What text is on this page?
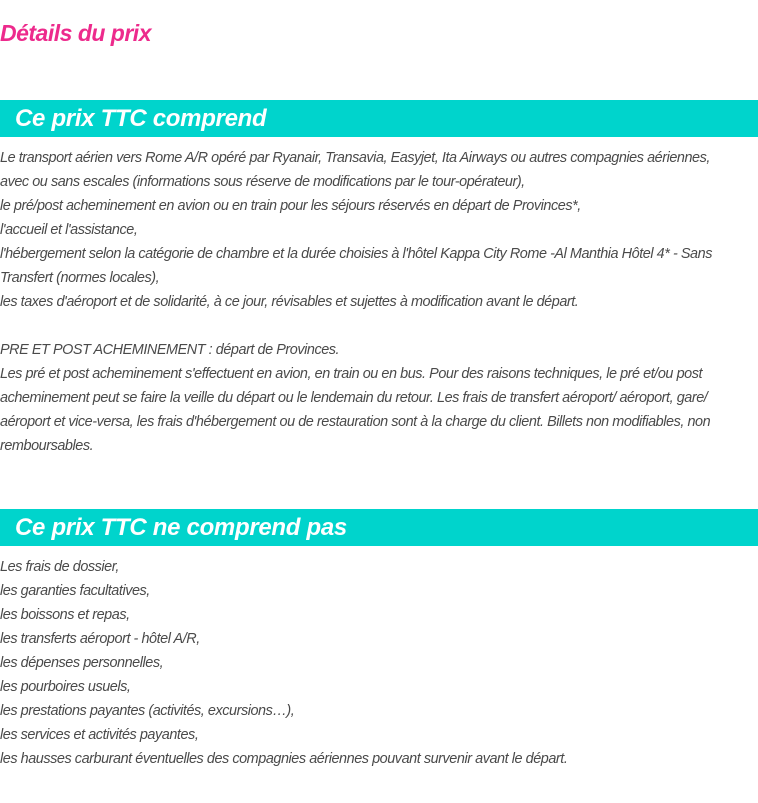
Détails du prix
Ce prix TTC comprend

Le transport aérien vers Rome A/R opéré par Ryanair, Transavia, Easyjet, Ita Airways ou autres compagnies aériennes,

avec ou sans escales (informations sous réserve de modifications par le tour-opérateur),

le pré/post acheminement en avion ou en train pour les séjours réservés en départ de Provinces*,

l'accueil et l'assistance,

l'hébergement selon la catégorie de chambre et la durée choisies à l'hôtel Kappa City Rome -Al Manthia Hôtel 4* - Sans

Transfert (normes locales),

les taxes d'aéroport et de solidarité, à ce jour, révisables et sujettes à modification avant le départ.

PRE ET POST ACHEMINEMENT : départ de Provinces.

Les pré et post acheminement s'effectuent en avion, en train ou en bus. Pour des raisons techniques, le pré et/ou post

acheminement peut se faire la veille du départ ou le lendemain du retour. Les frais de transfert aéroport/ aéroport, gare/

aéroport et vice-versa, les frais d'hébergement ou de restauration sont à la charge du client. Billets non modifiables, non

remboursables.

Ce prix TTC ne comprend pas

Les frais de dossier,

les garanties facultatives,

les boissons et repas,

les transferts aéroport - hôtel A/R,

les dépenses personnelles,

les pourboires usuels,

les prestations payantes (activités, excursions…),

les services et activités payantes,

les hausses carburant éventuelles des compagnies aériennes pouvant survenir avant le départ.
